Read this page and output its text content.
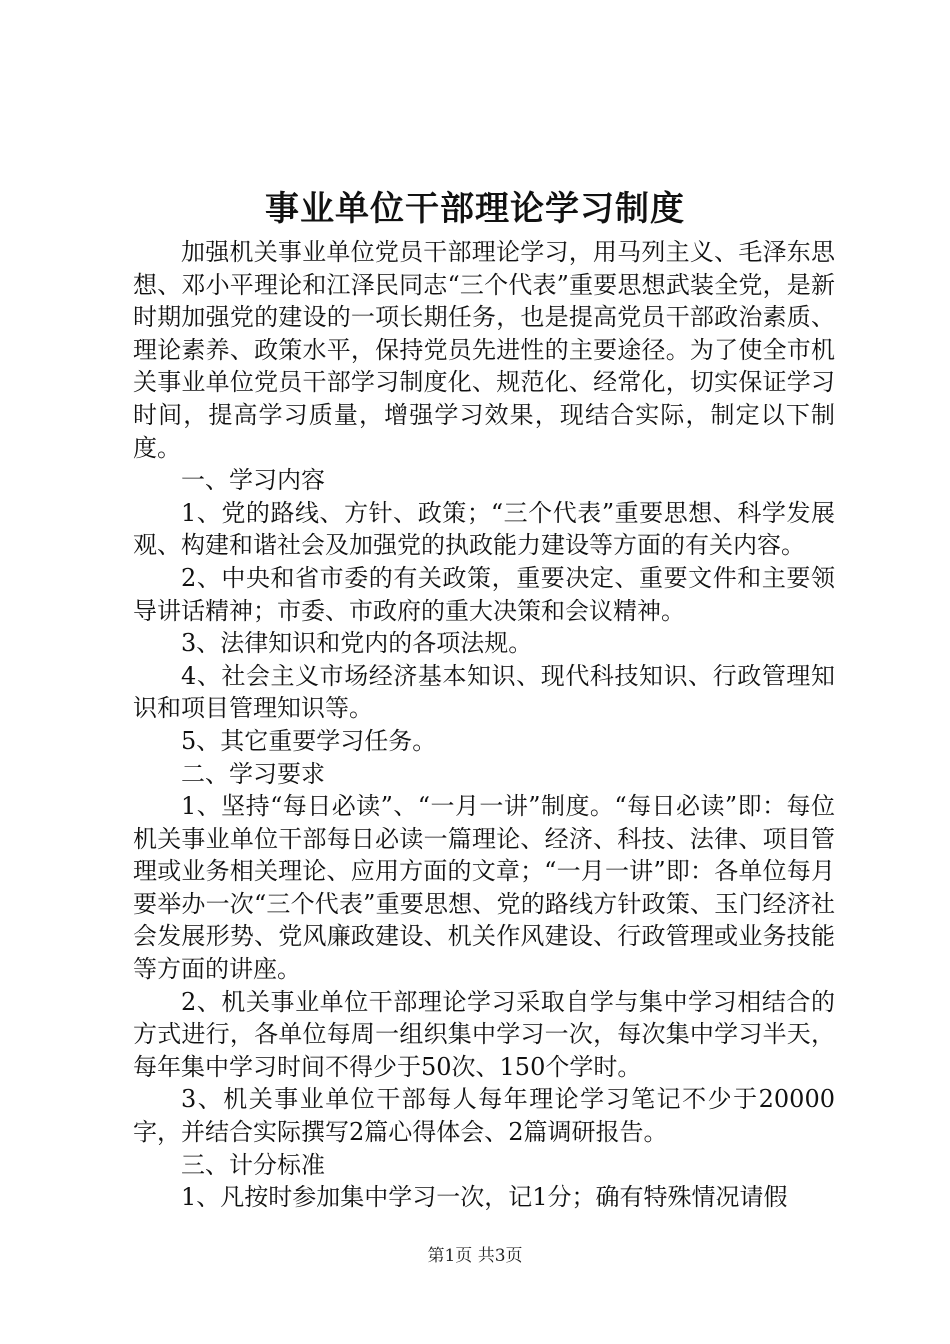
事业单位干部理论学习制度

加强机关事业单位党员干部理论学习，用马列主义、毛泽东思想、邓小平理论和江泽民同志“三个代表”重要思想武装全党，是新时期加强党的建设的一项长期任务，也是提高党员干部政治素质、理论素养、政策水平，保持党员先进性的主要途径。为了使全市机关事业单位党员干部学习制度化、规范化、经常化，切实保证学习时间，提高学习质量，增强学习效果，现结合实际，制定以下制度。

一、学习内容

1、党的路线、方针、政策；“三个代表”重要思想、科学发展观、构建和谐社会及加强党的执政能力建设等方面的有关内容。

2、中央和省市委的有关政策，重要决定、重要文件和主要领导讲话精神；市委、市政府的重大决策和会议精神。

3、法律知识和党内的各项法规。

4、社会主义市场经济基本知识、现代科技知识、行政管理知识和项目管理知识等。

5、其它重要学习任务。

二、学习要求

1、坚持“每日必读”、“一月一讲”制度。“每日必读”即：每位机关事业单位干部每日必读一篇理论、经济、科技、法律、项目管理或业务相关理论、应用方面的文章；“一月一讲”即：各单位每月要举办一次“三个代表”重要思想、党的路线方针政策、玉门经济社会发展形势、党风廉政建设、机关作风建设、行政管理或业务技能等方面的讲座。

2、机关事业单位干部理论学习采取自学与集中学习相结合的方式进行，各单位每周一组织集中学习一次，每次集中学习半天，每年集中学习时间不得少于50次、150个学时。

3、机关事业单位干部每人每年理论学习笔记不少于20000字，并结合实际撰写2篇心得体会、2篇调研报告。

三、计分标准

1、凡按时参加集中学习一次，记1分；确有特殊情况请假

第1页 共3页
